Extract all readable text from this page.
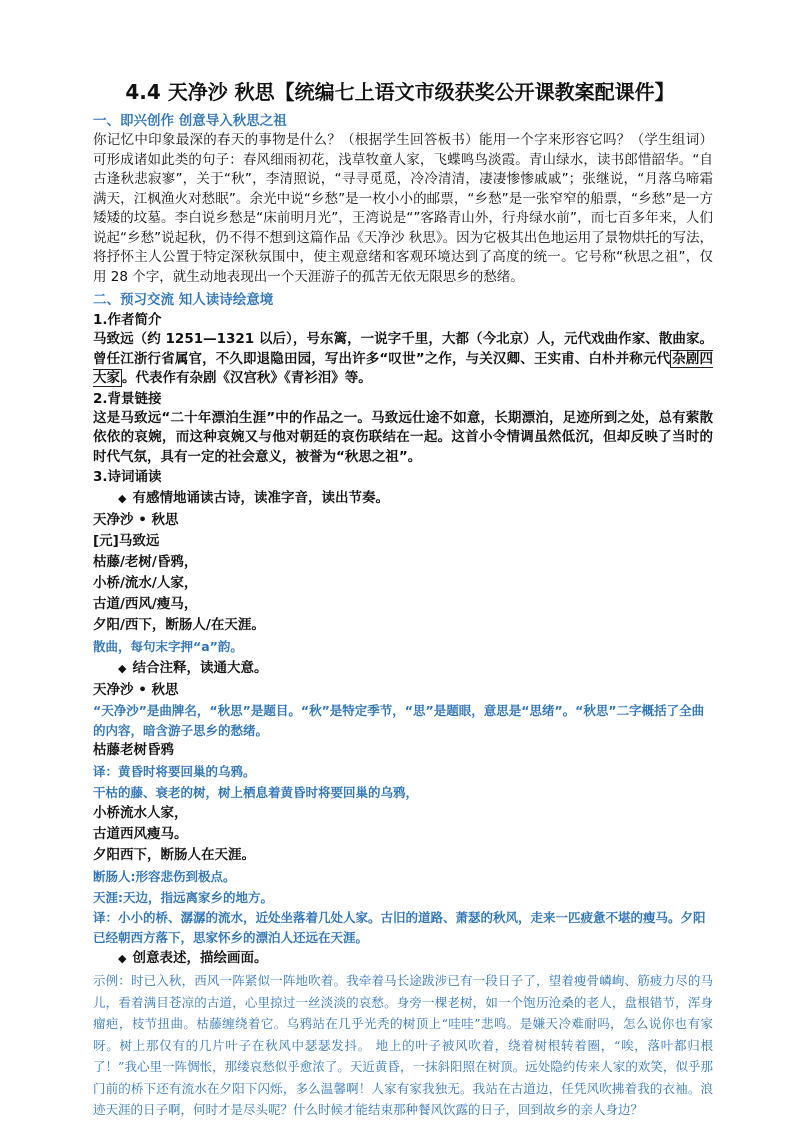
4.4 天净沙 秋思【统编七上语文市级获奖公开课教案配课件】

一、即兴创作 创意导入秋思之祖

你记忆中印象最深的春天的事物是什么？（根据学生回答板书）能用一个字来形容它吗？（学生组词）可形成诸如此类的句子：春风细雨初花，浅草牧童人家，飞蝶鸣鸟淡霞。青山绿水，读书郎惜韶华。“自古逢秋悲寂寥”，关于“秋”，李清照说，“寻寻觅觅，冷冷清清，凄凄惨惨戚戚”；张继说，“月落乌啼霜满天，江枫渔火对愁眠”。余光中说“乡愁”是一枚小小的邮票，“乡愁”是一张窄窄的船票，“乡愁”是一方矮矮的坟墓。李白说乡愁是“床前明月光”，王湾说是“”客路青山外，行舟绿水前”，而七百多年来，人们说起“乡愁”说起秋，仍不得不想到这篇作品《天净沙 秋思》。因为它极其出色地运用了景物烘托的写法，将抒怀主人公置于特定深秋氛围中，使主观意绪和客观环境达到了高度的统一。它号称“秋思之祖”，仅用 28 个字，就生动地表现出一个天涯游子的孤苦无依无限思乡的愁绪。

二、预习交流 知人读诗绘意境

1.作者简介

马致远（约 1251—1321 以后），号东篱，一说字千里，大都（今北京）人，元代戏曲作家、散曲家。曾任江浙行省属官，不久即退隐田园，写出许多“叹世”之作，与关汉卿、王实甫、白朴并称元代 杂剧四大家 。代表作有杂剧《汉宫秋》《青衫泪》等。

2.背景链接

这是马致远“二十年漂泊生涯”中的作品之一。马致远仕途不如意，长期漂泊，足迹所到之处，总有萦散依依的哀婉，而这种哀婉又与他对朝廷的哀伤联结在一起。这首小令情调虽然低沉，但却反映了当时的时代气氛，具有一定的社会意义，被誉为“秋思之祖”。

3.诗词诵读

◆ 有感情地诵读古诗，读准字音，读出节奏。

天净沙 • 秋思

[元]马致远

枯藤/老树/昏鸦，

小桥/流水/人家，

古道/西风/瘦马，

夕阳/西下，断肠人/在天涯。

散曲，每句末字押“a”韵。

◆ 结合注释，读通大意。

天净沙 • 秋思

“天净沙”是曲牌名，“秋思”是题目。“秋”是特定季节，“思”是题眼，意思是“思绪”。“秋思”二字概括了全曲的内容，暗含游子思乡的愁绪。

枯藤老树昏鸦

译：黄昏时将要回巢的乌鸦。

干枯的藤、衰老的树，树上栖息着黄昏时将要回巢的乌鸦，

小桥流水人家，

古道西风瘦马。

夕阳西下，断肠人在天涯。

断肠人:形容悲伤到极点。

天涯:天边，指远离家乡的地方。

译：小小的桥、潺潺的流水，近处坐落着几处人家。古旧的道路、萧瑟的秋风，走来一匹疲惫不堪的瘦马。夕阳已经朝西方落下，思家怀乡的漂泊人还远在天涯。

◆ 创意表述，描绘画面。

示例：时已入秋，西风一阵紧似一阵地吹着。我牵着马长途跋涉已有一段日子了，望着瘦骨嶙峋、筋疲力尽的马儿，看着满目苍凉的古道，心里掠过一丝淡淡的哀愁。身旁一棵老树，如一个饱历沧桑的老人，盘根错节，浑身瘤疤，枝节扭曲。枯藤缠绕着它。乌鸦站在几乎光秃的树顶上“哇哇”悲鸣。是嫌天冷难耐吗，怎么说你也有家呀。树上那仅有的几片叶子在秋风中瑟瑟发抖。 地上的叶子被风吹着，绕着树根转着圈，“唉，落叶都归根了！”我心里一阵惆怅，那缕哀愁似乎愈浓了。天近黄昏，一抹斜阳照在树顶。远处隐约传来人家的欢笑，似乎那门前的桥下还有流水在夕阳下闪烁，多么温馨啊！人家有家我独无。我站在古道边，任凭风吹拂着我的衣袖。浪迹天涯的日子啊，何时才是尽头呢？什么时候才能结束那种餐风饮露的日子，回到故乡的亲人身边？
